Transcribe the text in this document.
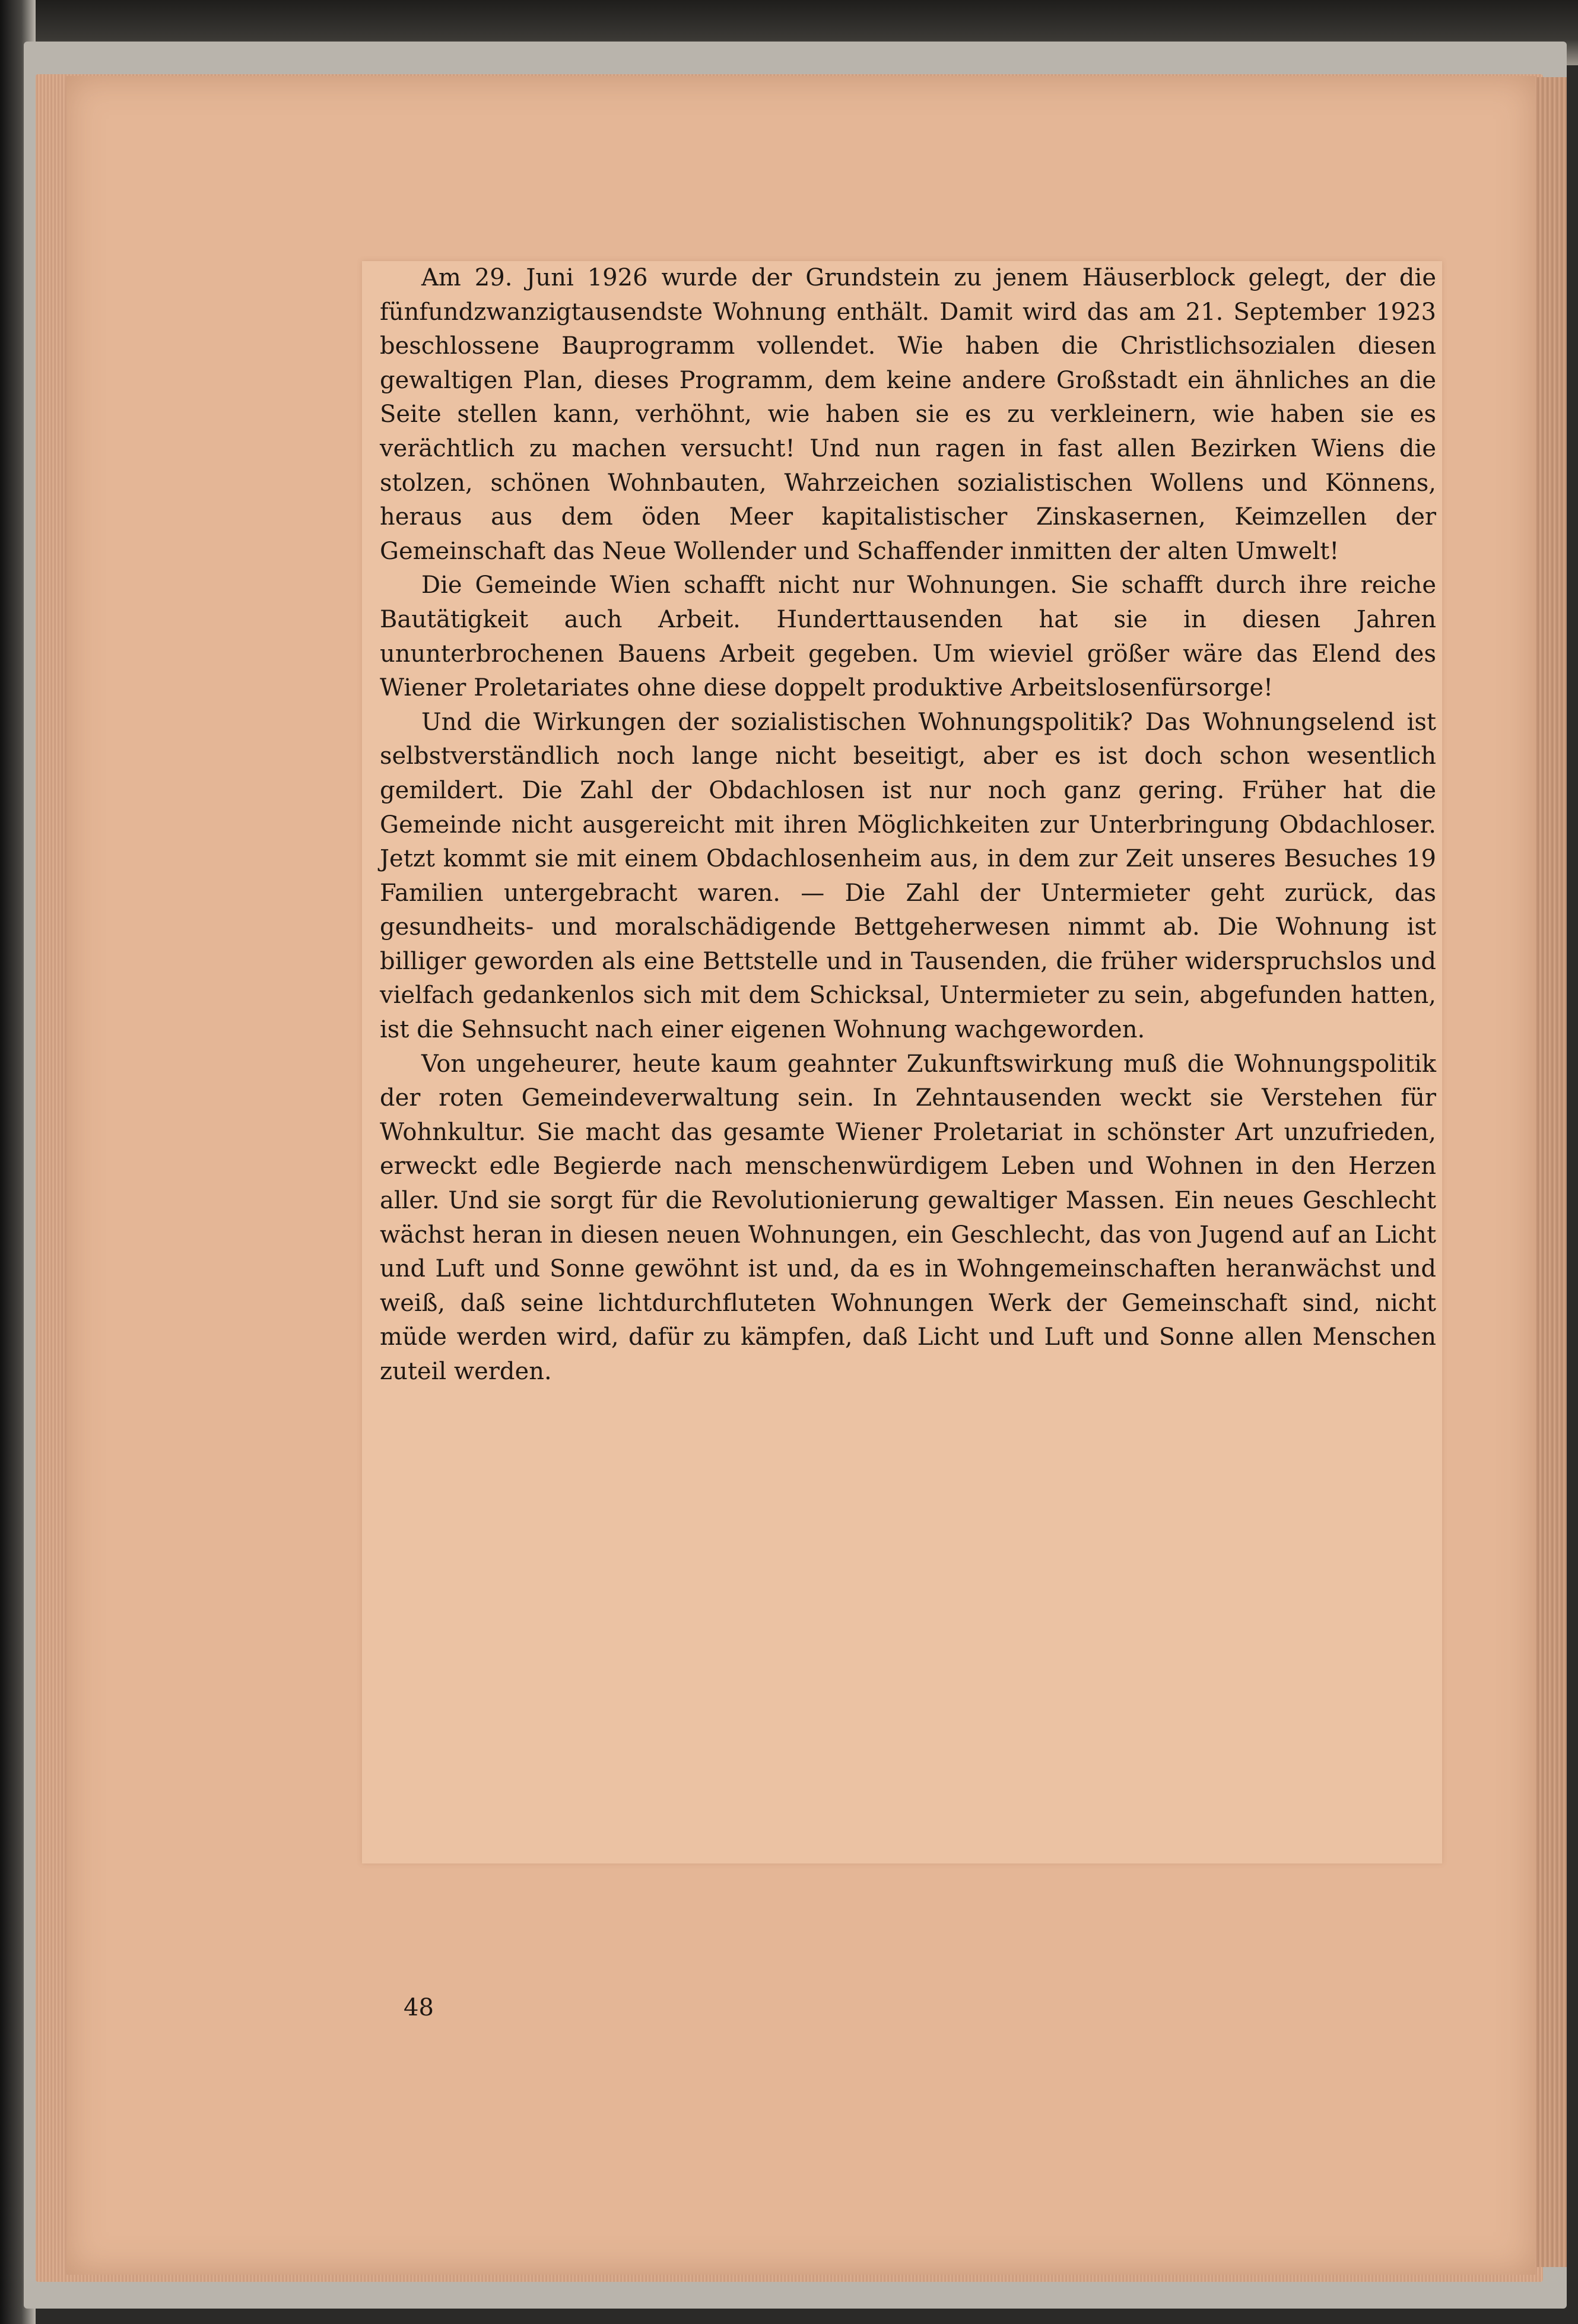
Am 29. Juni 1926 wurde der Grundstein zu jenem Häuserblock gelegt, der die fünfundzwanzigtausendste Wohnung enthält. Damit wird das am 21. September 1923 beschlossene Bauprogramm vollendet. Wie haben die Christlichsozialen diesen gewaltigen Plan, dieses Programm, dem keine andere Großstadt ein ähnliches an die Seite stellen kann, verhöhnt, wie haben sie es zu verkleinern, wie haben sie es verächtlich zu machen versucht! Und nun ragen in fast allen Bezirken Wiens die stolzen, schönen Wohnbauten, Wahrzeichen sozialistischen Wollens und Könnens, heraus aus dem öden Meer kapitalistischer Zinskasernen, Keimzellen der Gemeinschaft das Neue Wollender und Schaffender inmitten der alten Umwelt!

Die Gemeinde Wien schafft nicht nur Wohnungen. Sie schafft durch ihre reiche Bautätigkeit auch Arbeit. Hunderttausenden hat sie in diesen Jahren ununterbrochenen Bauens Arbeit gegeben. Um wieviel größer wäre das Elend des Wiener Proletariates ohne diese doppelt produktive Arbeitslosenfürsorge!

Und die Wirkungen der sozialistischen Wohnungspolitik? Das Wohnungselend ist selbstverständlich noch lange nicht beseitigt, aber es ist doch schon wesentlich gemildert. Die Zahl der Obdachlosen ist nur noch ganz gering. Früher hat die Gemeinde nicht ausgereicht mit ihren Möglichkeiten zur Unterbringung Obdachloser. Jetzt kommt sie mit einem Obdachlosenheim aus, in dem zur Zeit unseres Besuches 19 Familien untergebracht waren. — Die Zahl der Untermieter geht zurück, das gesundheits- und moralschädigende Bettgeherwesen nimmt ab. Die Wohnung ist billiger geworden als eine Bettstelle und in Tausenden, die früher widerspruchslos und vielfach gedankenlos sich mit dem Schicksal, Untermieter zu sein, abgefunden hatten, ist die Sehnsucht nach einer eigenen Wohnung wachgeworden.

Von ungeheurer, heute kaum geahnter Zukunftswirkung muß die Wohnungspolitik der roten Gemeindeverwaltung sein. In Zehntausenden weckt sie Verstehen für Wohnkultur. Sie macht das gesamte Wiener Proletariat in schönster Art unzufrieden, erweckt edle Begierde nach menschenwürdigem Leben und Wohnen in den Herzen aller. Und sie sorgt für die Revolutionierung gewaltiger Massen. Ein neues Geschlecht wächst heran in diesen neuen Wohnungen, ein Geschlecht, das von Jugend auf an Licht und Luft und Sonne gewöhnt ist und, da es in Wohngemeinschaften heranwächst und weiß, daß seine lichtdurchfluteten Wohnungen Werk der Gemeinschaft sind, nicht müde werden wird, dafür zu kämpfen, daß Licht und Luft und Sonne allen Menschen zuteil werden.

48
